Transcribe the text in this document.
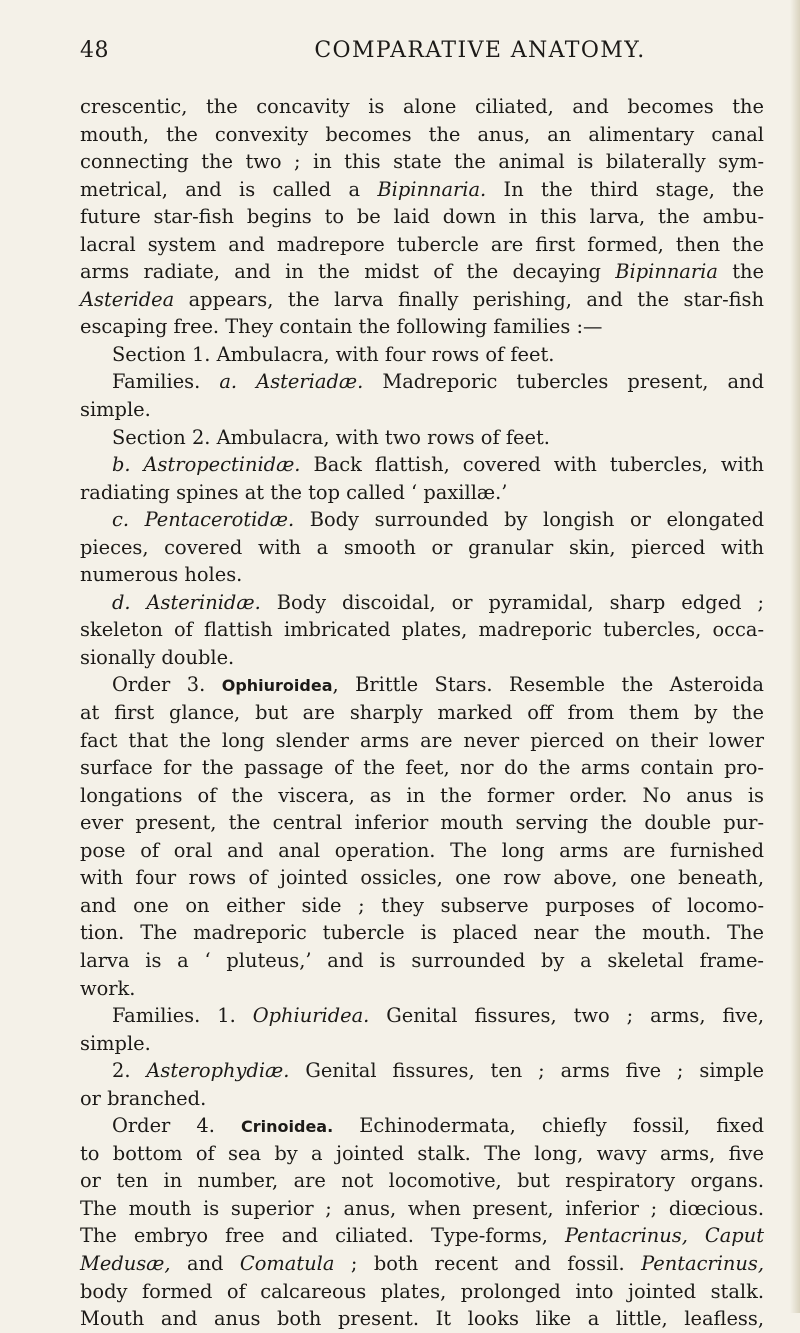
48	COMPARATIVE ANATOMY.
crescentic, the concavity is alone ciliated, and becomes the
mouth, the convexity becomes the anus, an alimentary canal
connecting the two ; in this state the animal is bilaterally sym-
metrical, and is called a Bipinnaria. In the third stage, the
future star-fish begins to be laid down in this larva, the ambu-
lacral system and madrepore tubercle are first formed, then the
arms radiate, and in the midst of the decaying Bipinnaria the
Asteridea appears, the larva finally perishing, and the star-fish
escaping free. They contain the following families :—
Section 1. Ambulacra, with four rows of feet.
Families. a. Asteriadæ. Madreporic tubercles present, and
simple.
Section 2. Ambulacra, with two rows of feet.
b. Astropectinidæ. Back flattish, covered with tubercles, with
radiating spines at the top called ‘ paxillæ.’
c. Pentacerotidæ. Body surrounded by longish or elongated
pieces, covered with a smooth or granular skin, pierced with
numerous holes.
d. Asterinidæ. Body discoidal, or pyramidal, sharp edged ;
skeleton of flattish imbricated plates, madreporic tubercles, occa-
sionally double.
Order 3. Ophiuroidea, Brittle Stars. Resemble the Asteroida
at first glance, but are sharply marked off from them by the
fact that the long slender arms are never pierced on their lower
surface for the passage of the feet, nor do the arms contain pro-
longations of the viscera, as in the former order. No anus is
ever present, the central inferior mouth serving the double pur-
pose of oral and anal operation. The long arms are furnished
with four rows of jointed ossicles, one row above, one beneath,
and one on either side ; they subserve purposes of locomo-
tion. The madreporic tubercle is placed near the mouth. The
larva is a ‘ pluteus,’ and is surrounded by a skeletal frame-
work.
Families. 1. Ophiuridea. Genital fissures, two ; arms, five,
simple.
2. Asterophydiæ. Genital fissures, ten ; arms five ; simple
or branched.
Order 4. Crinoidea. Echinodermata, chiefly fossil, fixed
to bottom of sea by a jointed stalk. The long, wavy arms, five
or ten in number, are not locomotive, but respiratory organs.
The mouth is superior ; anus, when present, inferior ; diœcious.
The embryo free and ciliated. Type-forms, Pentacrinus, Caput
Medusæ, and Comatula ; both recent and fossil. Pentacrinus,
body formed of calcareous plates, prolonged into jointed stalk.
Mouth and anus both present. It looks like a little, leafless,
